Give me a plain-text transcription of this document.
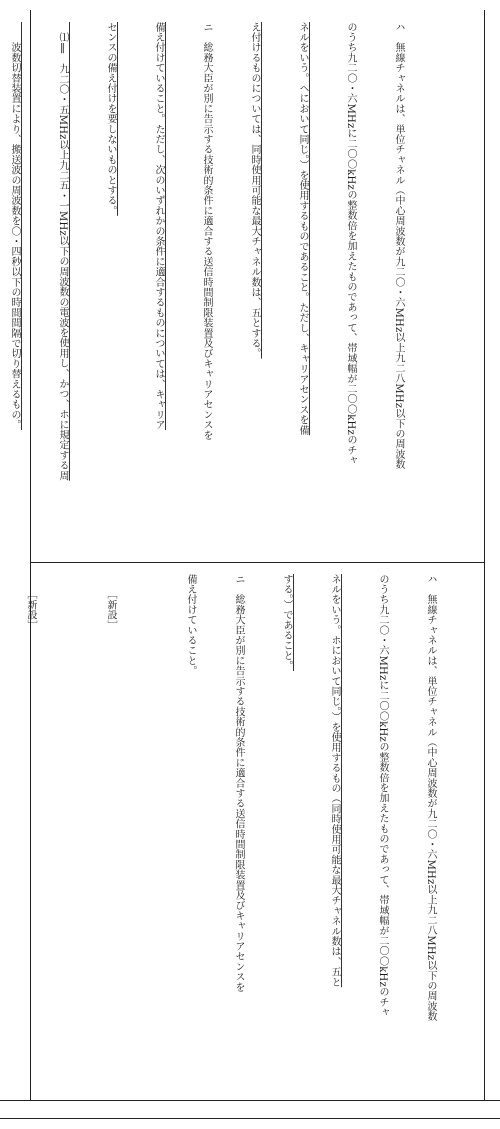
ハ　無線チャネルは、単位チャネル（中心周波数が九二〇・六MHz以上九二八MHz以下の周波数

のうち九二〇・六MHzに二〇〇kHzの整数倍を加えたものであって、帯域幅が二〇〇kHzのチャ

ネルをいう。ヘにおいて同じ。）を使用するものであること。ただし、キャリアセンスを備

え付けるものについては、同時使用可能な最大チャネル数は、五とする。

ニ　総務大臣が別に告示する技術的条件に適合する送信時間制限装置及びキャリアセンスを

備え付けていること。ただし、次のいずれかの条件に適合するものについては、キャリア

センスの備え付けを要しないものとする。

　⑴‖　九二〇・五MHz以上九二五・一MHz以下の周波数の電波を使用し、かつ、ホに規定する周

　　波数切替装置により、搬送波の周波数を〇・四秒以下の時間間隔で切り替えるもの。

ハ　無線チャネルは、単位チャネル（中心周波数が九二〇・六MHz以上九二八MHz以下の周波数

のうち九二〇・六MHzに二〇〇kHzの整数倍を加えたものであって、帯域幅が二〇〇kHzのチャ

ネルをいう。ホにおいて同じ。）を使用するもの（同時使用可能な最大チャネル数は、五と

する。）であること。

ニ　総務大臣が別に告示する技術的条件に適合する送信時間制限装置及びキャリアセンスを

備え付けていること。

　　［新設］

　　［新設］
